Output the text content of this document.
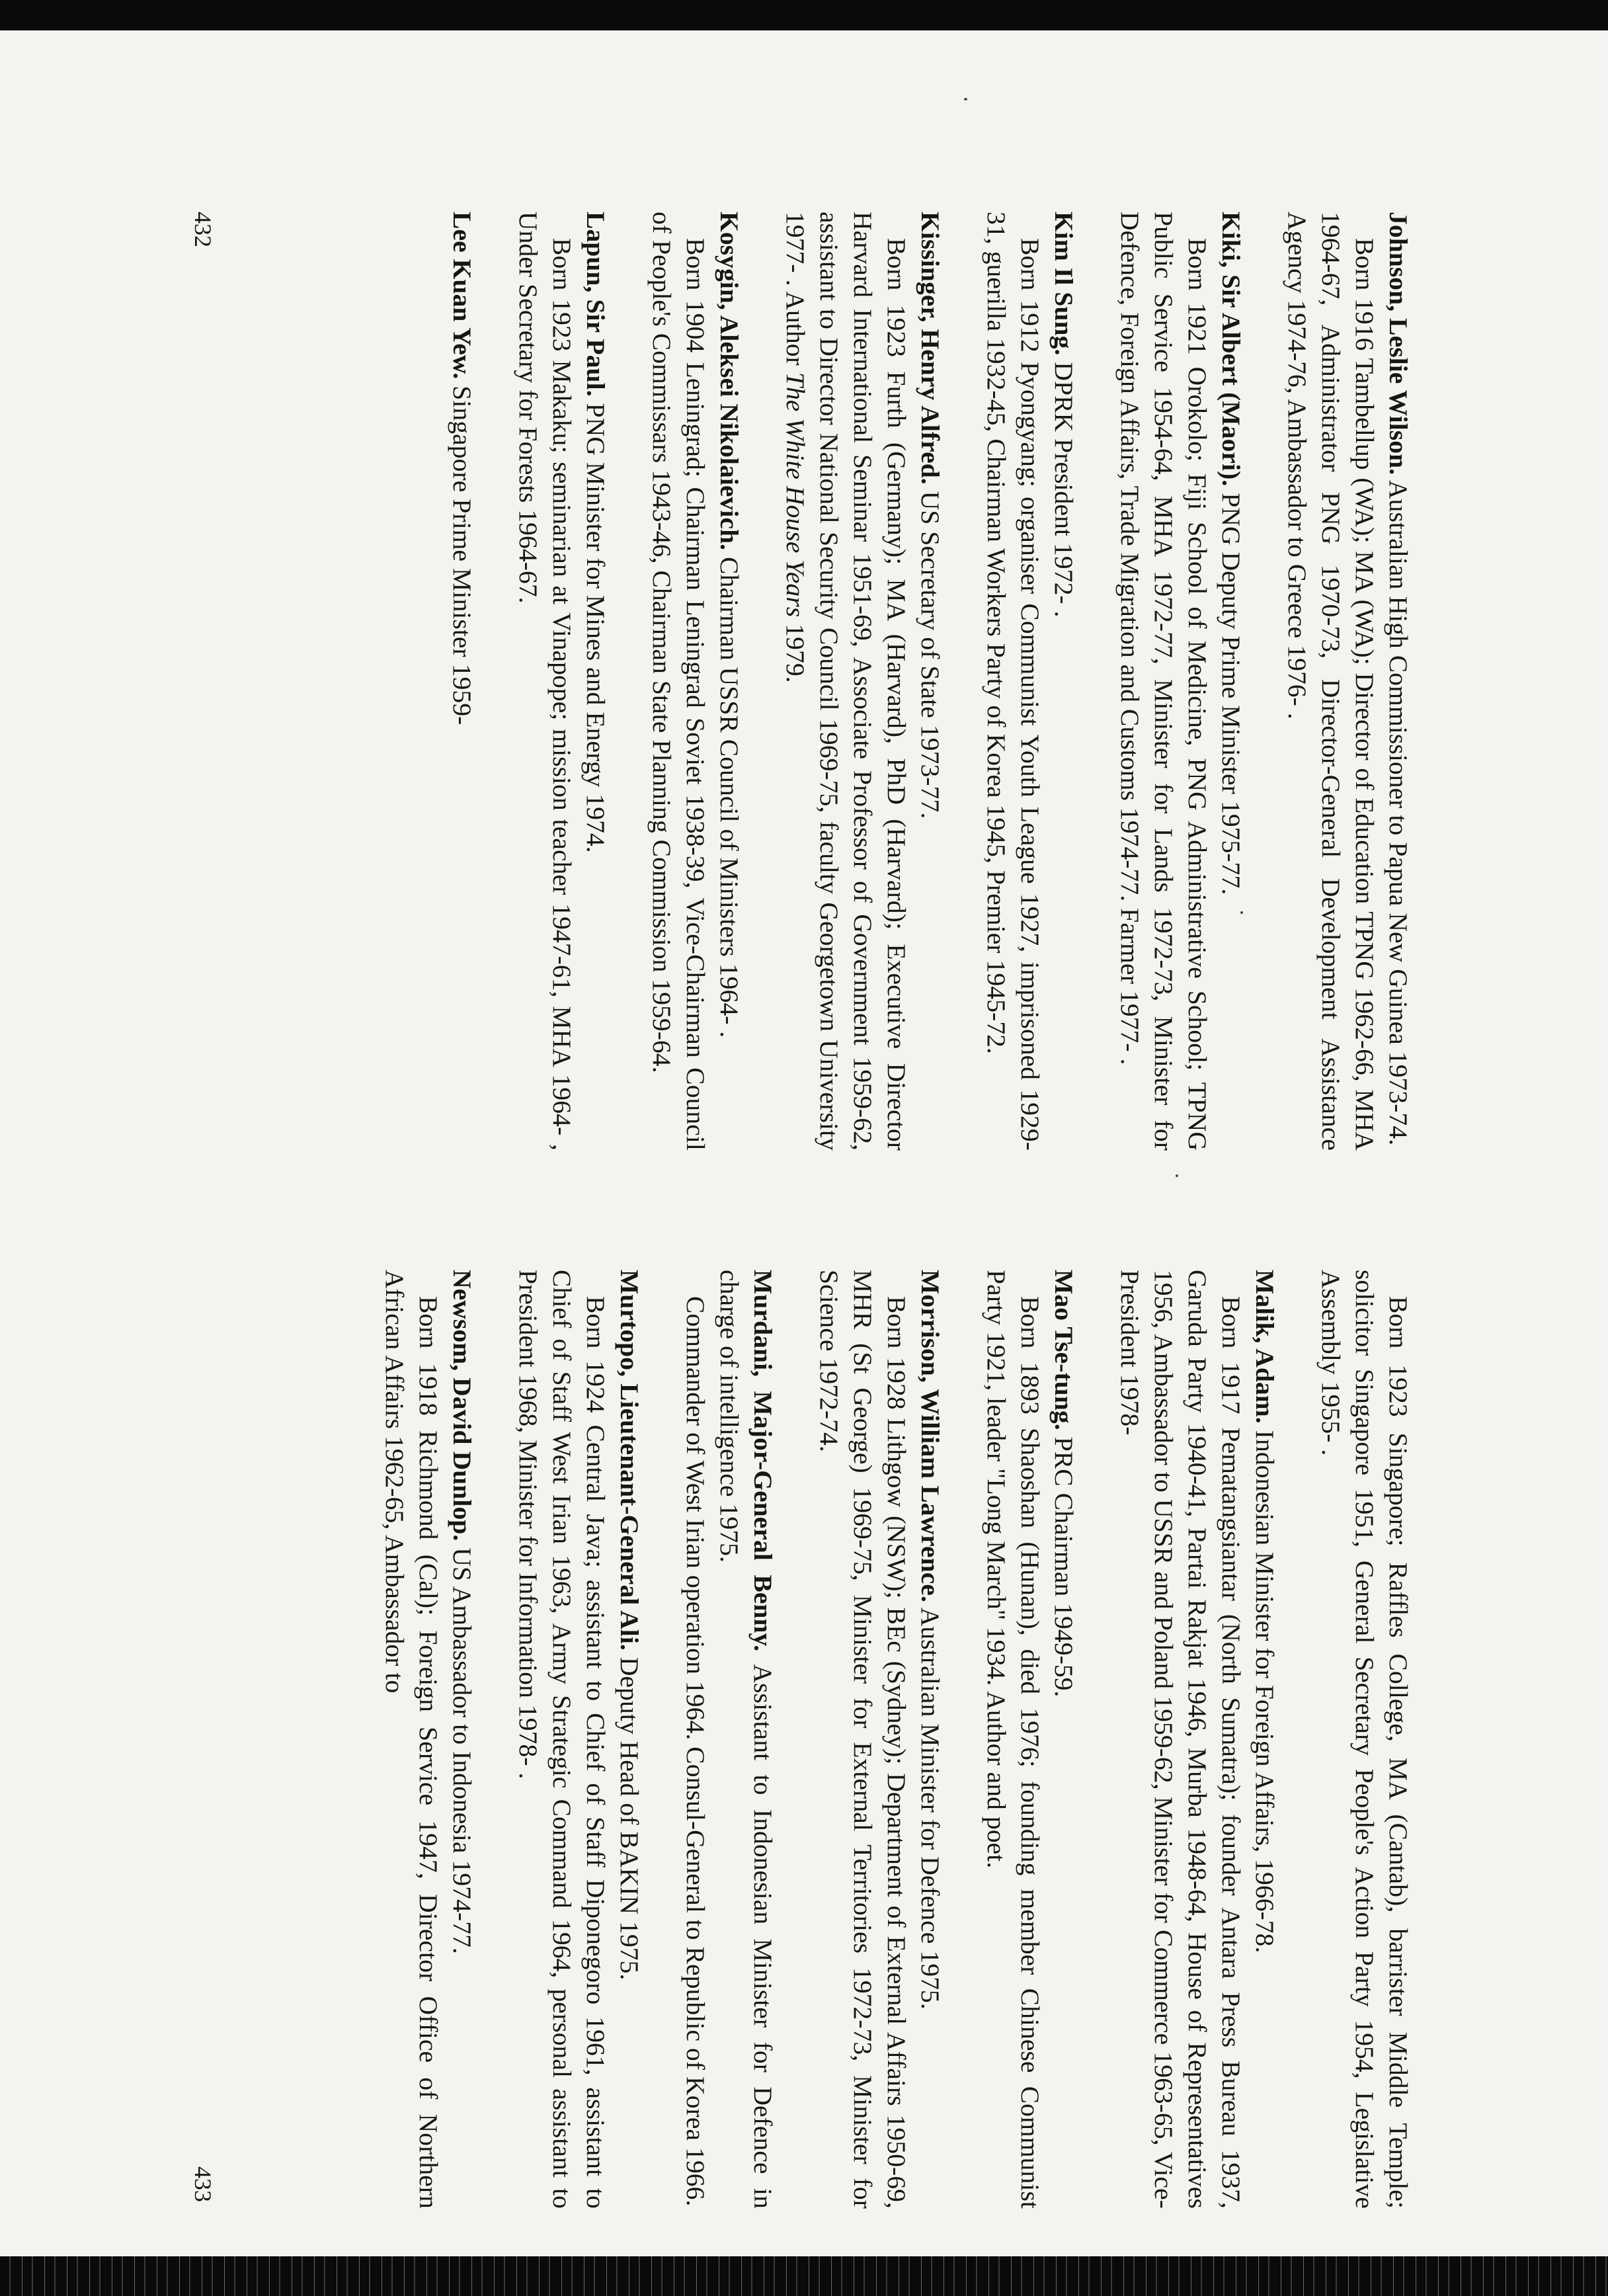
Johnson, Leslie Wilson. Australian High Commissioner to Papua New Guinea 1973-74.

Born 1916 Tambellup (WA); MA (WA); Director of Education TPNG 1962-66, MHA 1964-67, Administrator PNG 1970-73, Director-General Development Assistance Agency 1974-76, Ambassador to Greece 1976- .

Kiki, Sir Albert (Maori). PNG Deputy Prime Minister 1975-77.

Born 1921 Orokolo; Fiji School of Medicine, PNG Administrative School; TPNG Public Service 1954-64, MHA 1972-77, Minister for Lands 1972-73, Minister for Defence, Foreign Affairs, Trade Migration and Customs 1974-77. Farmer 1977- .

Kim Il Sung. DPRK President 1972- .

Born 1912 Pyongyang; organiser Communist Youth League 1927, imprisoned 1929-31, guerilla 1932-45, Chairman Workers Party of Korea 1945, Premier 1945-72.

Kissinger, Henry Alfred. US Secretary of State 1973-77.

Born 1923 Furth (Germany); MA (Harvard), PhD (Harvard); Executive Director Harvard International Seminar 1951-69, Associate Professor of Government 1959-62, assistant to Director National Security Council 1969-75, faculty Georgetown University 1977- . Author The White House Years 1979.

Kosygin, Aleksei Nikolaievich. Chairman USSR Council of Ministers 1964- .

Born 1904 Leningrad; Chairman Leningrad Soviet 1938-39, Vice-Chairman Council of People's Commissars 1943-46, Chairman State Planning Commission 1959-64.

Lapun, Sir Paul. PNG Minister for Mines and Energy 1974.

Born 1923 Makaku; seminarian at Vinapope; mission teacher 1947-61, MHA 1964- , Under Secretary for Forests 1964-67.

Lee Kuan Yew. Singapore Prime Minister 1959-

432

Born 1923 Singapore; Raffles College, MA (Cantab), barrister Middle Temple; solicitor Singapore 1951, General Secretary People's Action Party 1954, Legislative Assembly 1955- .

Malik, Adam. Indonesian Minister for Foreign Affairs, 1966-78.

Born 1917 Pematangsiantar (North Sumatra); founder Antara Press Bureau 1937, Garuda Party 1940-41, Partai Rakjat 1946, Murba 1948-64, House of Representatives 1956, Ambassador to USSR and Poland 1959-62, Minister for Commerce 1963-65, Vice-President 1978-

Mao Tse-tung. PRC Chairman 1949-59.

Born 1893 Shaoshan (Hunan), died 1976; founding member Chinese Communist Party 1921, leader "Long March" 1934. Author and poet.

Morrison, William Lawrence. Australian Minister for Defence 1975.

Born 1928 Lithgow (NSW); BEc (Sydney); Department of External Affairs 1950-69, MHR (St George) 1969-75, Minister for External Territories 1972-73, Minister for Science 1972-74.

Murdani, Major-General Benny. Assistant to Indonesian Minister for Defence in charge of intelligence 1975.

Commander of West Irian operation 1964. Consul-General to Republic of Korea 1966.

Murtopo, Lieutenant-General Ali. Deputy Head of BAKIN 1975.

Born 1924 Central Java; assistant to Chief of Staff Diponegoro 1961, assistant to Chief of Staff West Irian 1963, Army Strategic Command 1964, personal assistant to President 1968, Minister for Information 1978- .

Newsom, David Dunlop. US Ambassador to Indonesia 1974-77.

Born 1918 Richmond (Cal); Foreign Service 1947, Director Office of Northern African Affairs 1962-65, Ambassador to

433
